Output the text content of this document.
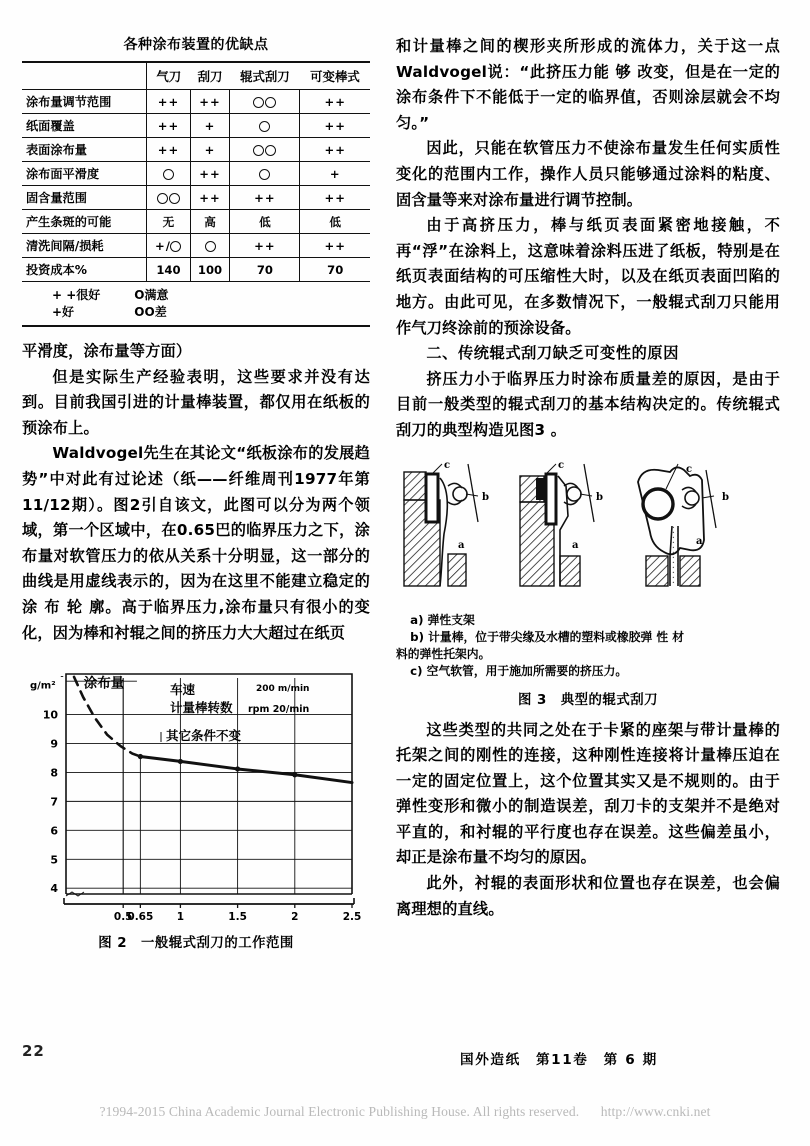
各种涂布装置的优缺点
	气刀	刮刀	辊式刮刀	可变棒式
涂布量调节范围	++	++		++
纸面覆盖	++	+		++
表面涂布量	++	+		++
涂布面平滑度		++		+
固含量范围		++	++	++
产生条斑的可能	无	高	低	低
清洗间隔/损耗	+/		++	++
投资成本%	140	100	70	70
+ +很好
+好
O满意
OO差

平滑度，涂布量等方面）

但是实际生产经验表明，这些要求并没有达到。目前我国引进的计量棒装置，都仅用在纸板的预涂布上。

Waldvogel先生在其论文“纸板涂布的发展趋势”中对此有过论述（纸——纤维周刊1977年第11/12期）。图2引自该文，此图可以分为两个领域，第一个区域中，在0.65巴的临界压力之下，涂布量对软管压力的依从关系十分明显，这一部分的曲线是用虚线表示的，因为在这里不能建立稳定的 涂 布 轮 廓。高于临界压力,涂布量只有很小的变化，因为棒和衬辊之间的挤压力大大超过在纸页

4
5
6
7
8
9
10
0.5
0.65 1	1.5	2	2.5
g/m² 涂布量	车速	200 m/min
计量棒转数 rpm 20/min
其它条件不变
图 2　一般辊式刮刀的工作范围

和计量棒之间的楔形夹所形成的流体力，关于这一点Waldvogel说：“此挤压力能 够 改变，但是在一定的涂布条件下不能低于一定的临界值，否则涂层就会不均匀。”

因此，只能在软管压力不使涂布量发生任何实质性变化的范围内工作，操作人员只能够通过涂料的粘度、固含量等来对涂布量进行调节控制。

由于高挤压力，棒与纸页表面紧密地接触，不再“浮”在涂料上，这意味着涂料压进了纸板，特别是在纸页表面结构的可压缩性大时，以及在纸页表面凹陷的地方。由此可见，在多数情况下，一般辊式刮刀只能用作气刀终涂前的预涂设备。

二、传统辊式刮刀缺乏可变性的原因

挤压力小于临界压力时涂布质量差的原因，是由于目前一般类型的辊式刮刀的基本结构决定的。传统辊式刮刀的典型构造见图3 。

c
b
a
c
b
a
c
b
a
a) 弹性支架
b) 计量棒，位于带尖缘及水槽的塑料或橡胶弹 性 材
料的弹性托架内。
c) 空气软管，用于施加所需要的挤压力。
图 3　典型的辊式刮刀

这些类型的共同之处在于卡紧的座架与带计量棒的托架之间的刚性的连接，这种刚性连接将计量棒压迫在一定的固定位置上，这个位置其实又是不规则的。由于弹性变形和微小的制造误差，刮刀卡的支架并不是绝对平直的，和衬辊的平行度也存在误差。这些偏差虽小，却正是涂布量不均匀的原因。

此外，衬辊的表面形状和位置也存在误差，也会偏离理想的直线。

22	国外造纸　第11卷　第 6 期
?1994-2015 China Academic Journal Electronic Publishing House. All rights reserved. http://www.cnki.net
